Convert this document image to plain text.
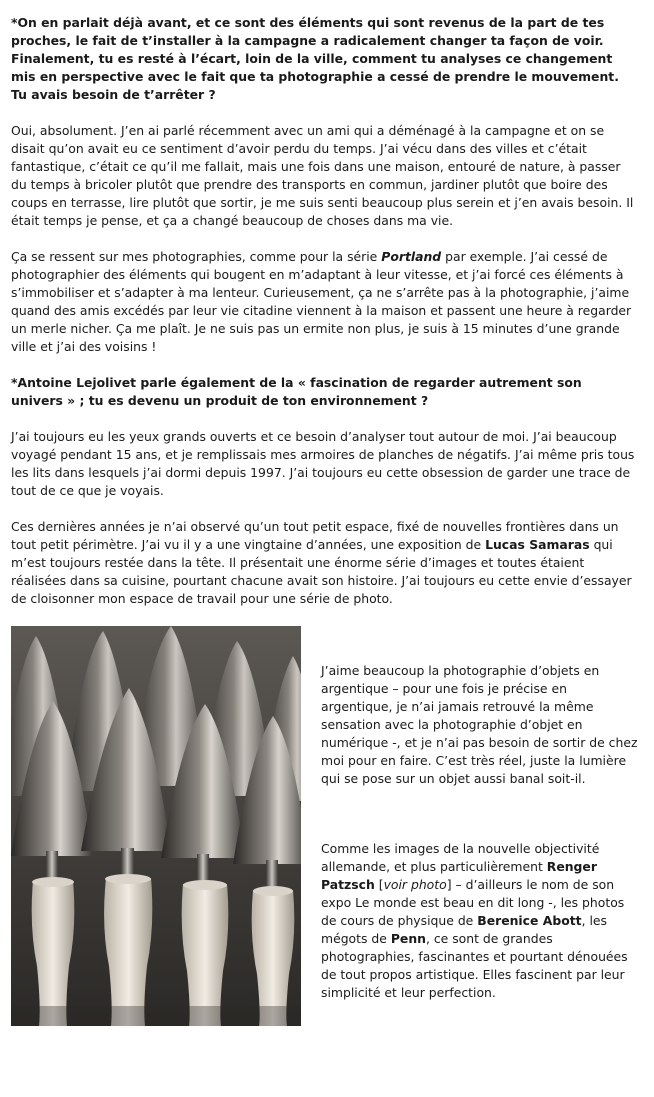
*On en parlait déjà avant, et ce sont des éléments qui sont revenus de la part de tes proches, le fait de t’installer à la campagne a radicalement changer ta façon de voir. Finalement, tu es resté à l’écart, loin de la ville, comment tu analyses ce changement mis en perspective avec le fait que ta photographie a cessé de prendre le mouvement. Tu avais besoin de t’arrêter ?

Oui, absolument. J’en ai parlé récemment avec un ami qui a déménagé à la campagne et on se disait qu’on avait eu ce sentiment d’avoir perdu du temps. J’ai vécu dans des villes et c’était fantastique, c’était ce qu’il me fallait, mais une fois dans une maison, entouré de nature, à passer du temps à bricoler plutôt que prendre des transports en commun, jardiner plutôt que boire des coups en terrasse, lire plutôt que sortir, je me suis senti beaucoup plus serein et j’en avais besoin. Il était temps je pense, et ça a changé beaucoup de choses dans ma vie.

Ça se ressent sur mes photographies, comme pour la série Portland par exemple. J’ai cessé de photographier des éléments qui bougent en m’adaptant à leur vitesse, et j’ai forcé ces éléments à s’immobiliser et s’adapter à ma lenteur. Curieusement, ça ne s’arrête pas à la photographie, j’aime quand des amis excédés par leur vie citadine viennent à la maison et passent une heure à regarder un merle nicher. Ça me plaît. Je ne suis pas un ermite non plus, je suis à 15 minutes d’une grande ville et j’ai des voisins !

*Antoine Lejolivet parle également de la « fascination de regarder autrement son univers » ; tu es devenu un produit de ton environnement ?

J’ai toujours eu les yeux grands ouverts et ce besoin d’analyser tout autour de moi. J’ai beaucoup voyagé pendant 15 ans, et je remplissais mes armoires de planches de négatifs. J’ai même pris tous les lits dans lesquels j’ai dormi depuis 1997. J’ai toujours eu cette obsession de garder une trace de tout de ce que je voyais.

Ces dernières années je n’ai observé qu’un tout petit espace, fixé de nouvelles frontières dans un tout petit périmètre. J’ai vu il y a une vingtaine d’années, une exposition de Lucas Samaras qui m’est toujours restée dans la tête. Il présentait une énorme série d’images et toutes étaient réalisées dans sa cuisine, pourtant chacune avait son histoire. J’ai toujours eu cette envie d’essayer de cloisonner mon espace de travail pour une série de photo.

J’aime beaucoup la photographie d’objets en argentique – pour une fois je précise en argentique, je n’ai jamais retrouvé la même sensation avec la photographie d’objet en numérique -, et je n’ai pas besoin de sortir de chez moi pour en faire. C’est très réel, juste la lumière qui se pose sur un objet aussi banal soit-il.

Comme les images de la nouvelle objectivité allemande, et plus particulièrement Renger Patzsch [voir photo] – d’ailleurs le nom de son expo Le monde est beau en dit long -, les photos de cours de physique de Berenice Abott, les mégots de Penn, ce sont de grandes photographies, fascinantes et pourtant dénouées de tout propos artistique. Elles fascinent par leur simplicité et leur perfection.
